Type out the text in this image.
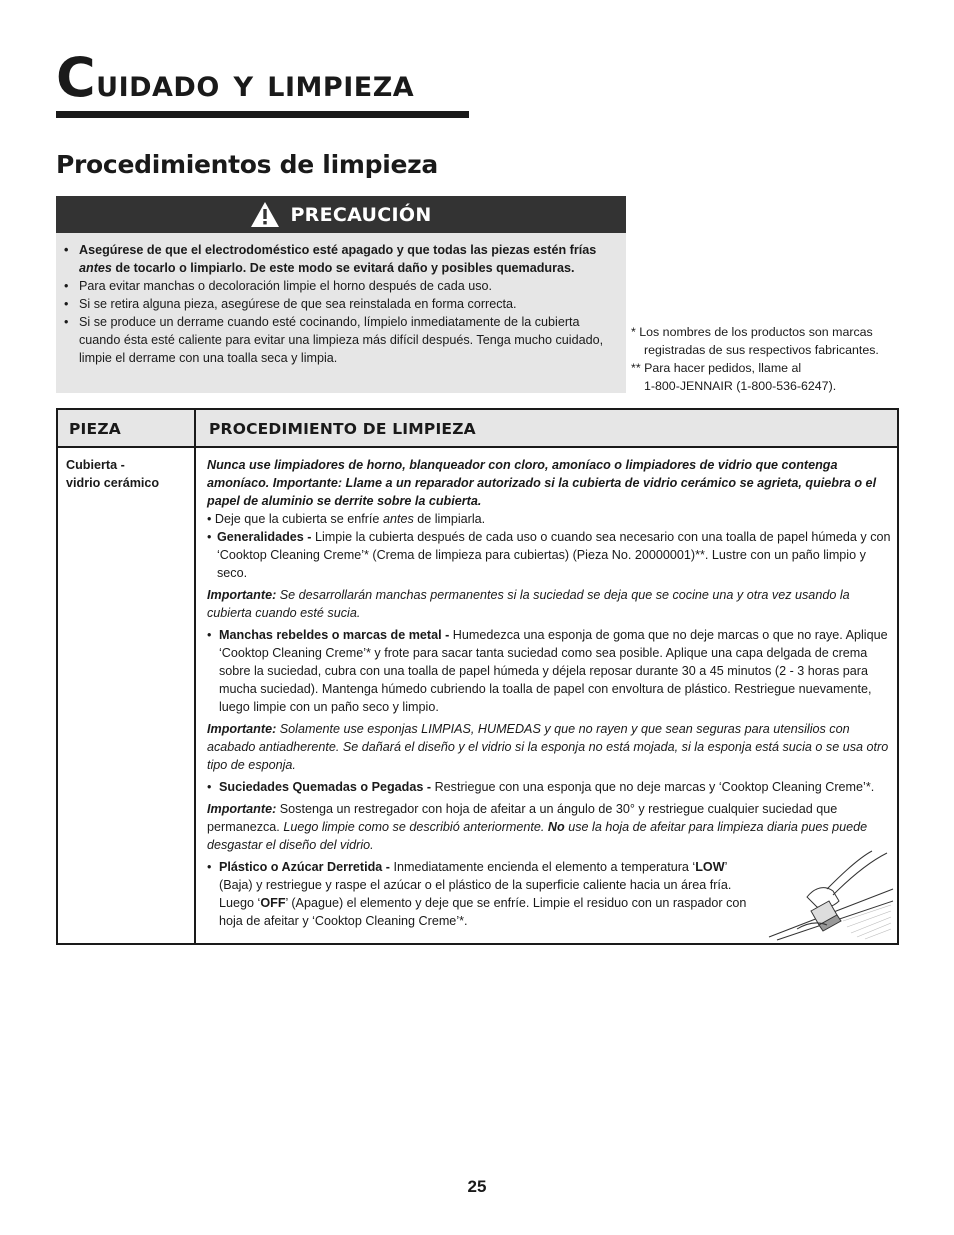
Cuidado y limpieza
Procedimientos de limpieza
PRECAUCIÓN
• Asegúrese de que el electrodoméstico esté apagado y que todas las piezas estén frías antes de tocarlo o limpiarlo. De este modo se evitará daño y posibles quemaduras.
• Para evitar manchas o decoloración limpie el horno después de cada uso.
• Si se retira alguna pieza, asegúrese de que sea reinstalada en forma correcta.
• Si se produce un derrame cuando esté cocinando, límpielo inmediatamente de la cubierta cuando ésta esté caliente para evitar una limpieza más difícil después. Tenga mucho cuidado, limpie el derrame con una toalla seca y limpia.
* Los nombres de los productos son marcas
registradas de sus respectivos fabricantes.
** Para hacer pedidos, llame al
1-800-JENNAIR (1-800-536-6247).
PIEZA	PROCEDIMIENTO DE LIMPIEZA
Cubierta -
vidrio cerámico

Nunca use limpiadores de horno, blanqueador con cloro, amoníaco o limpiadores de vidrio que contenga amoníaco. Importante: Llame a un reparador autorizado si la cubierta de vidrio cerámico se agrieta, quiebra o el papel de aluminio se derrite sobre la cubierta.

• Deje que la cubierta se enfríe antes de limpiarla.

• Generalidades - Limpie la cubierta después de cada uso o cuando sea necesario con una toalla de papel húmeda y con ‘Cooktop Cleaning Creme’* (Crema de limpieza para cubiertas) (Pieza No. 20000001)**. Lustre con un paño limpio y seco.

Importante: Se desarrollarán manchas permanentes si la suciedad se deja que se cocine una y otra vez usando la cubierta cuando esté sucia.

• Manchas rebeldes o marcas de metal - Humedezca una esponja de goma que no deje marcas o que no raye. Aplique ‘Cooktop Cleaning Creme’* y frote para sacar tanta suciedad como sea posible. Aplique una capa delgada de crema sobre la suciedad, cubra con una toalla de papel húmeda y déjela reposar durante 30 a 45 minutos (2 - 3 horas para mucha suciedad). Mantenga húmedo cubriendo la toalla de papel con envoltura de plástico. Restriegue nuevamente, luego limpie con un paño seco y limpio.

Importante: Solamente use esponjas LIMPIAS, HUMEDAS y que no rayen y que sean seguras para utensilios con acabado antiadherente. Se dañará el diseño y el vidrio si la esponja no está mojada, si la esponja está sucia o se usa otro tipo de esponja.

• Suciedades Quemadas o Pegadas - Restriegue con una esponja que no deje marcas y ‘Cooktop Cleaning Creme’*.

Importante: Sostenga un restregador con hoja de afeitar a un ángulo de 30° y restriegue cualquier suciedad que permanezca. Luego limpie como se describió anteriormente. No use la hoja de afeitar para limpieza diaria pues puede desgastar el diseño del vidrio.

• Plástico o Azúcar Derretida - Inmediatamente encienda el elemento a temperatura ‘LOW’ (Baja) y restriegue y raspe el azúcar o el plástico de la superficie caliente hacia un área fría. Luego ‘OFF’ (Apague) el elemento y deje que se enfríe. Limpie el residuo con un raspador con hoja de afeitar y ‘Cooktop Cleaning Creme’*.

25
